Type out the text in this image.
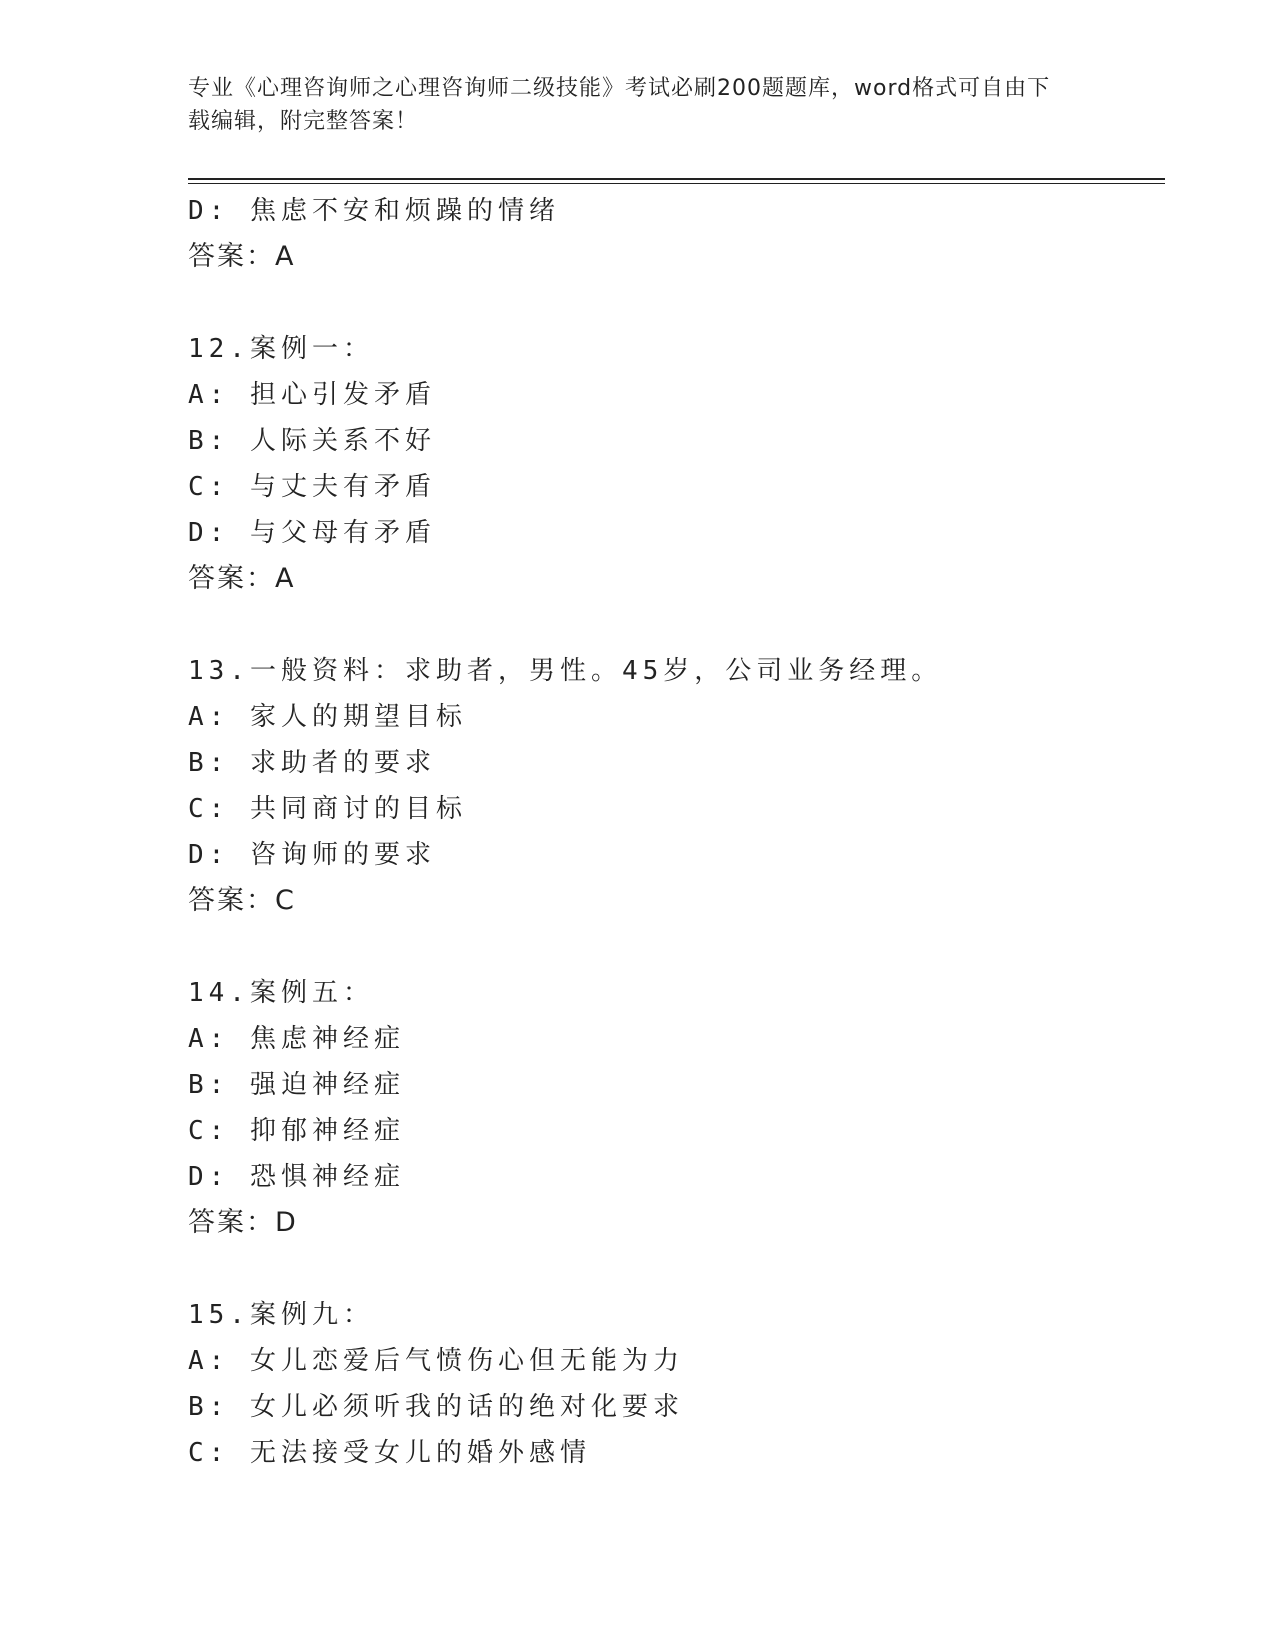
专业《心理咨询师之心理咨询师二级技能》考试必刷200题题库，word格式可自由下载编辑，附完整答案！
D: 焦虑不安和烦躁的情绪
答案：A
12.案例一：
A: 担心引发矛盾
B: 人际关系不好
C: 与丈夫有矛盾
D: 与父母有矛盾
答案：A
13.一般资料：求助者，男性。45岁，公司业务经理。
A: 家人的期望目标
B: 求助者的要求
C: 共同商讨的目标
D: 咨询师的要求
答案：C
14.案例五：
A: 焦虑神经症
B: 强迫神经症
C: 抑郁神经症
D: 恐惧神经症
答案：D
15.案例九：
A: 女儿恋爱后气愤伤心但无能为力
B: 女儿必须听我的话的绝对化要求
C: 无法接受女儿的婚外感情
